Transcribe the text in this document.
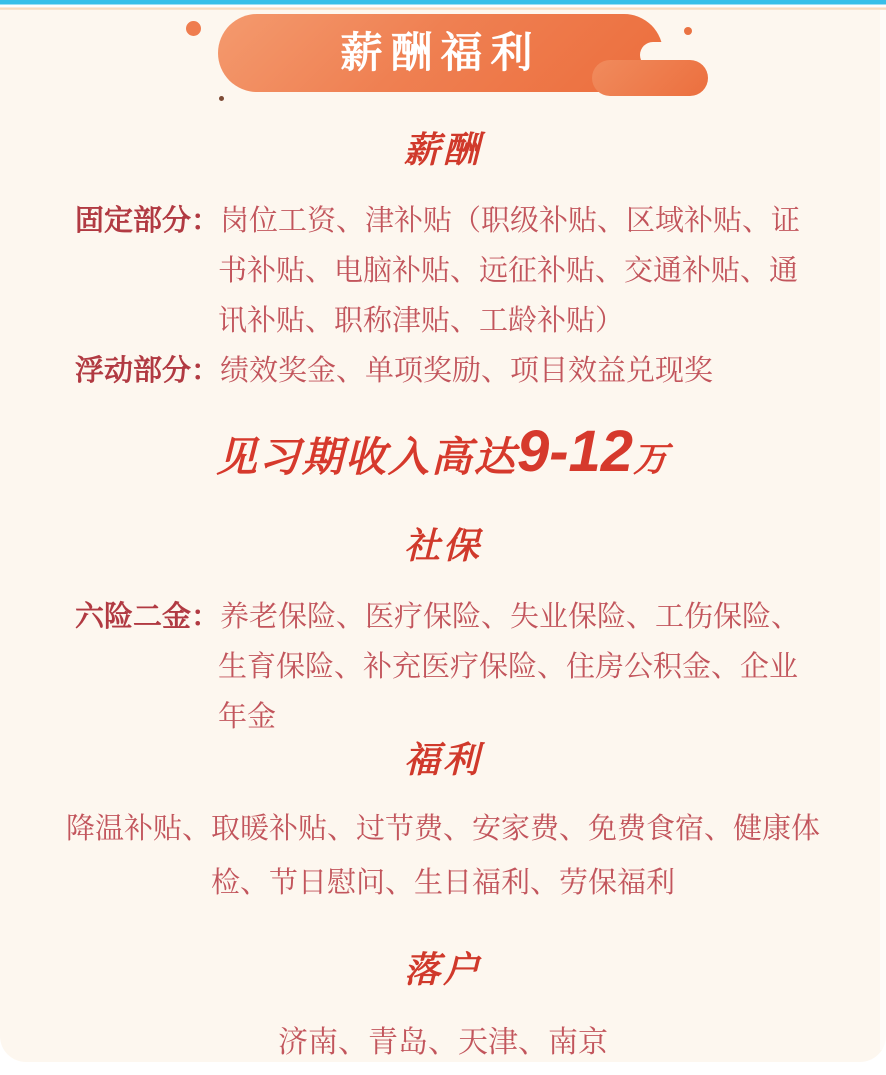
薪酬福利
薪酬
固定部分：岗位工资、津补贴（职级补贴、区域补贴、证书补贴、电脑补贴、远征补贴、交通补贴、通讯补贴、职称津贴、工龄补贴）
浮动部分：绩效奖金、单项奖励、项目效益兑现奖
见习期收入高达 9-12 万
社保
六险二金：养老保险、医疗保险、失业保险、工伤保险、生育保险、补充医疗保险、住房公积金、企业年金
福利
降温补贴、取暖补贴、过节费、安家费、免费食宿、健康体检、节日慰问、生日福利、劳保福利
落户
济南、青岛、天津、南京
